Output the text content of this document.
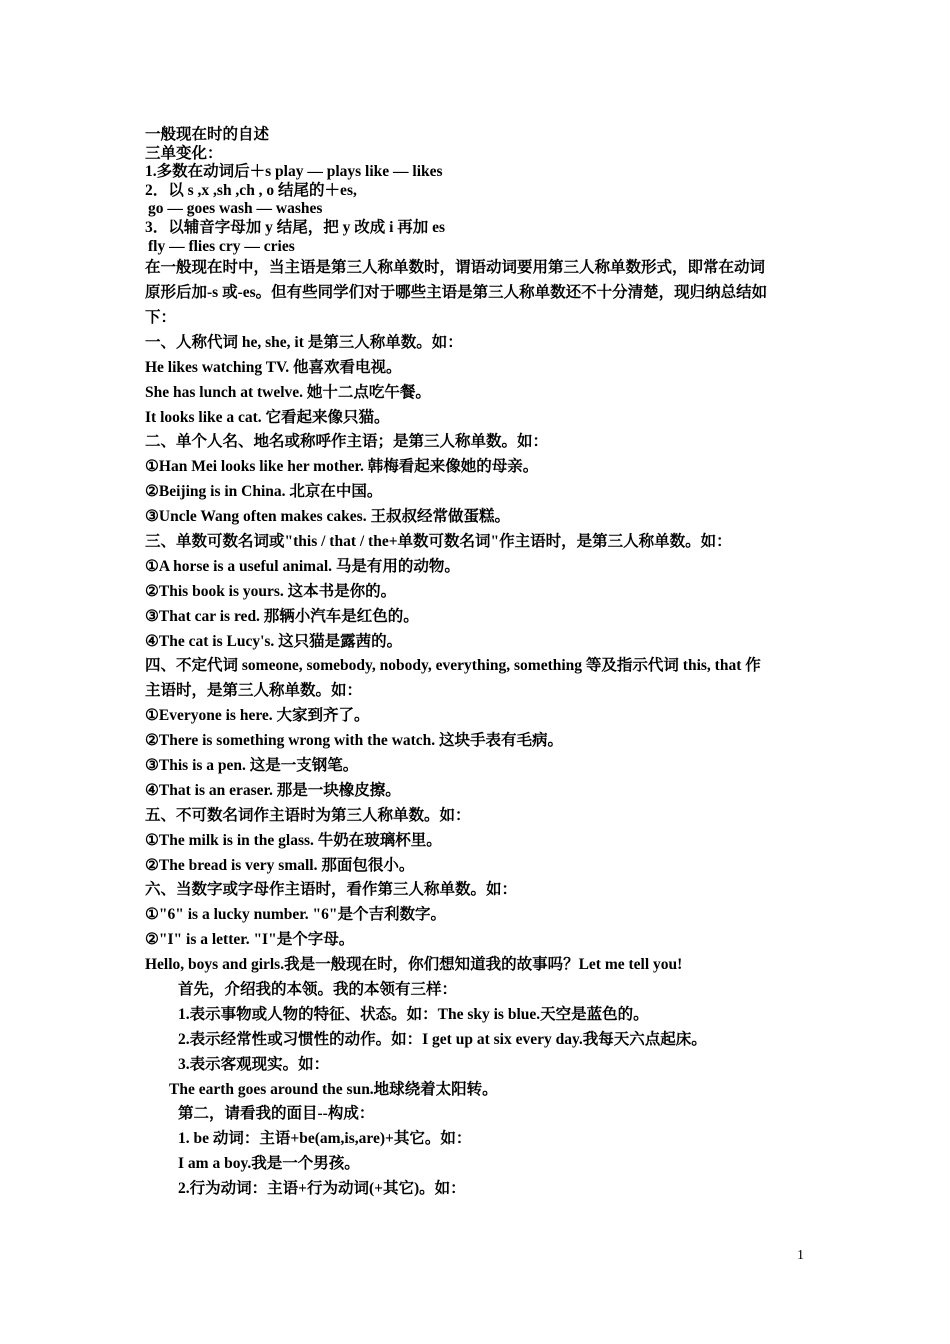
一般现在时的自述
三单变化：
1.多数在动词后＋s play — plays like — likes
2．以 s ,x ,sh ,ch , o 结尾的＋es,
go — goes wash — washes
3．以辅音字母加 y 结尾，把 y 改成 i 再加 es
fly — flies cry — cries
在一般现在时中，当主语是第三人称单数时，谓语动词要用第三人称单数形式，即常在动词
原形后加-s 或-es。但有些同学们对于哪些主语是第三人称单数还不十分清楚，现归纳总结如
下：
一、人称代词 he, she, it 是第三人称单数。如：
He likes watching TV. 他喜欢看电视。
She has lunch at twelve. 她十二点吃午餐。
It looks like a cat. 它看起来像只猫。
二、单个人名、地名或称呼作主语；是第三人称单数。如：
①Han Mei looks like her mother. 韩梅看起来像她的母亲。
②Beijing is in China. 北京在中国。
③Uncle Wang often makes cakes. 王叔叔经常做蛋糕。
三、单数可数名词或"this / that / the+单数可数名词"作主语时，是第三人称单数。如：
①A horse is a useful animal. 马是有用的动物。
②This book is yours. 这本书是你的。
③That car is red. 那辆小汽车是红色的。
④The cat is Lucy's. 这只猫是露茜的。
四、不定代词 someone, somebody, nobody, everything, something 等及指示代词 this, that 作
主语时，是第三人称单数。如：
①Everyone is here. 大家到齐了。
②There is something wrong with the watch. 这块手表有毛病。
③This is a pen. 这是一支钢笔。
④That is an eraser. 那是一块橡皮擦。
五、不可数名词作主语时为第三人称单数。如：
①The milk is in the glass. 牛奶在玻璃杯里。
②The bread is very small. 那面包很小。
六、当数字或字母作主语时，看作第三人称单数。如：
①"6" is a lucky number. "6"是个吉利数字。
②"I" is a letter. "I"是个字母。
Hello, boys and girls.我是一般现在时，你们想知道我的故事吗？Let me tell you!
首先，介绍我的本领。我的本领有三样：
1.表示事物或人物的特征、状态。如：The sky is blue.天空是蓝色的。
2.表示经常性或习惯性的动作。如：I get up at six every day.我每天六点起床。
3.表示客观现实。如：
The earth goes around the sun.地球绕着太阳转。
第二，请看我的面目--构成：
1. be 动词：主语+be(am,is,are)+其它。如：
I am a boy.我是一个男孩。
2.行为动词：主语+行为动词(+其它)。如：
1
